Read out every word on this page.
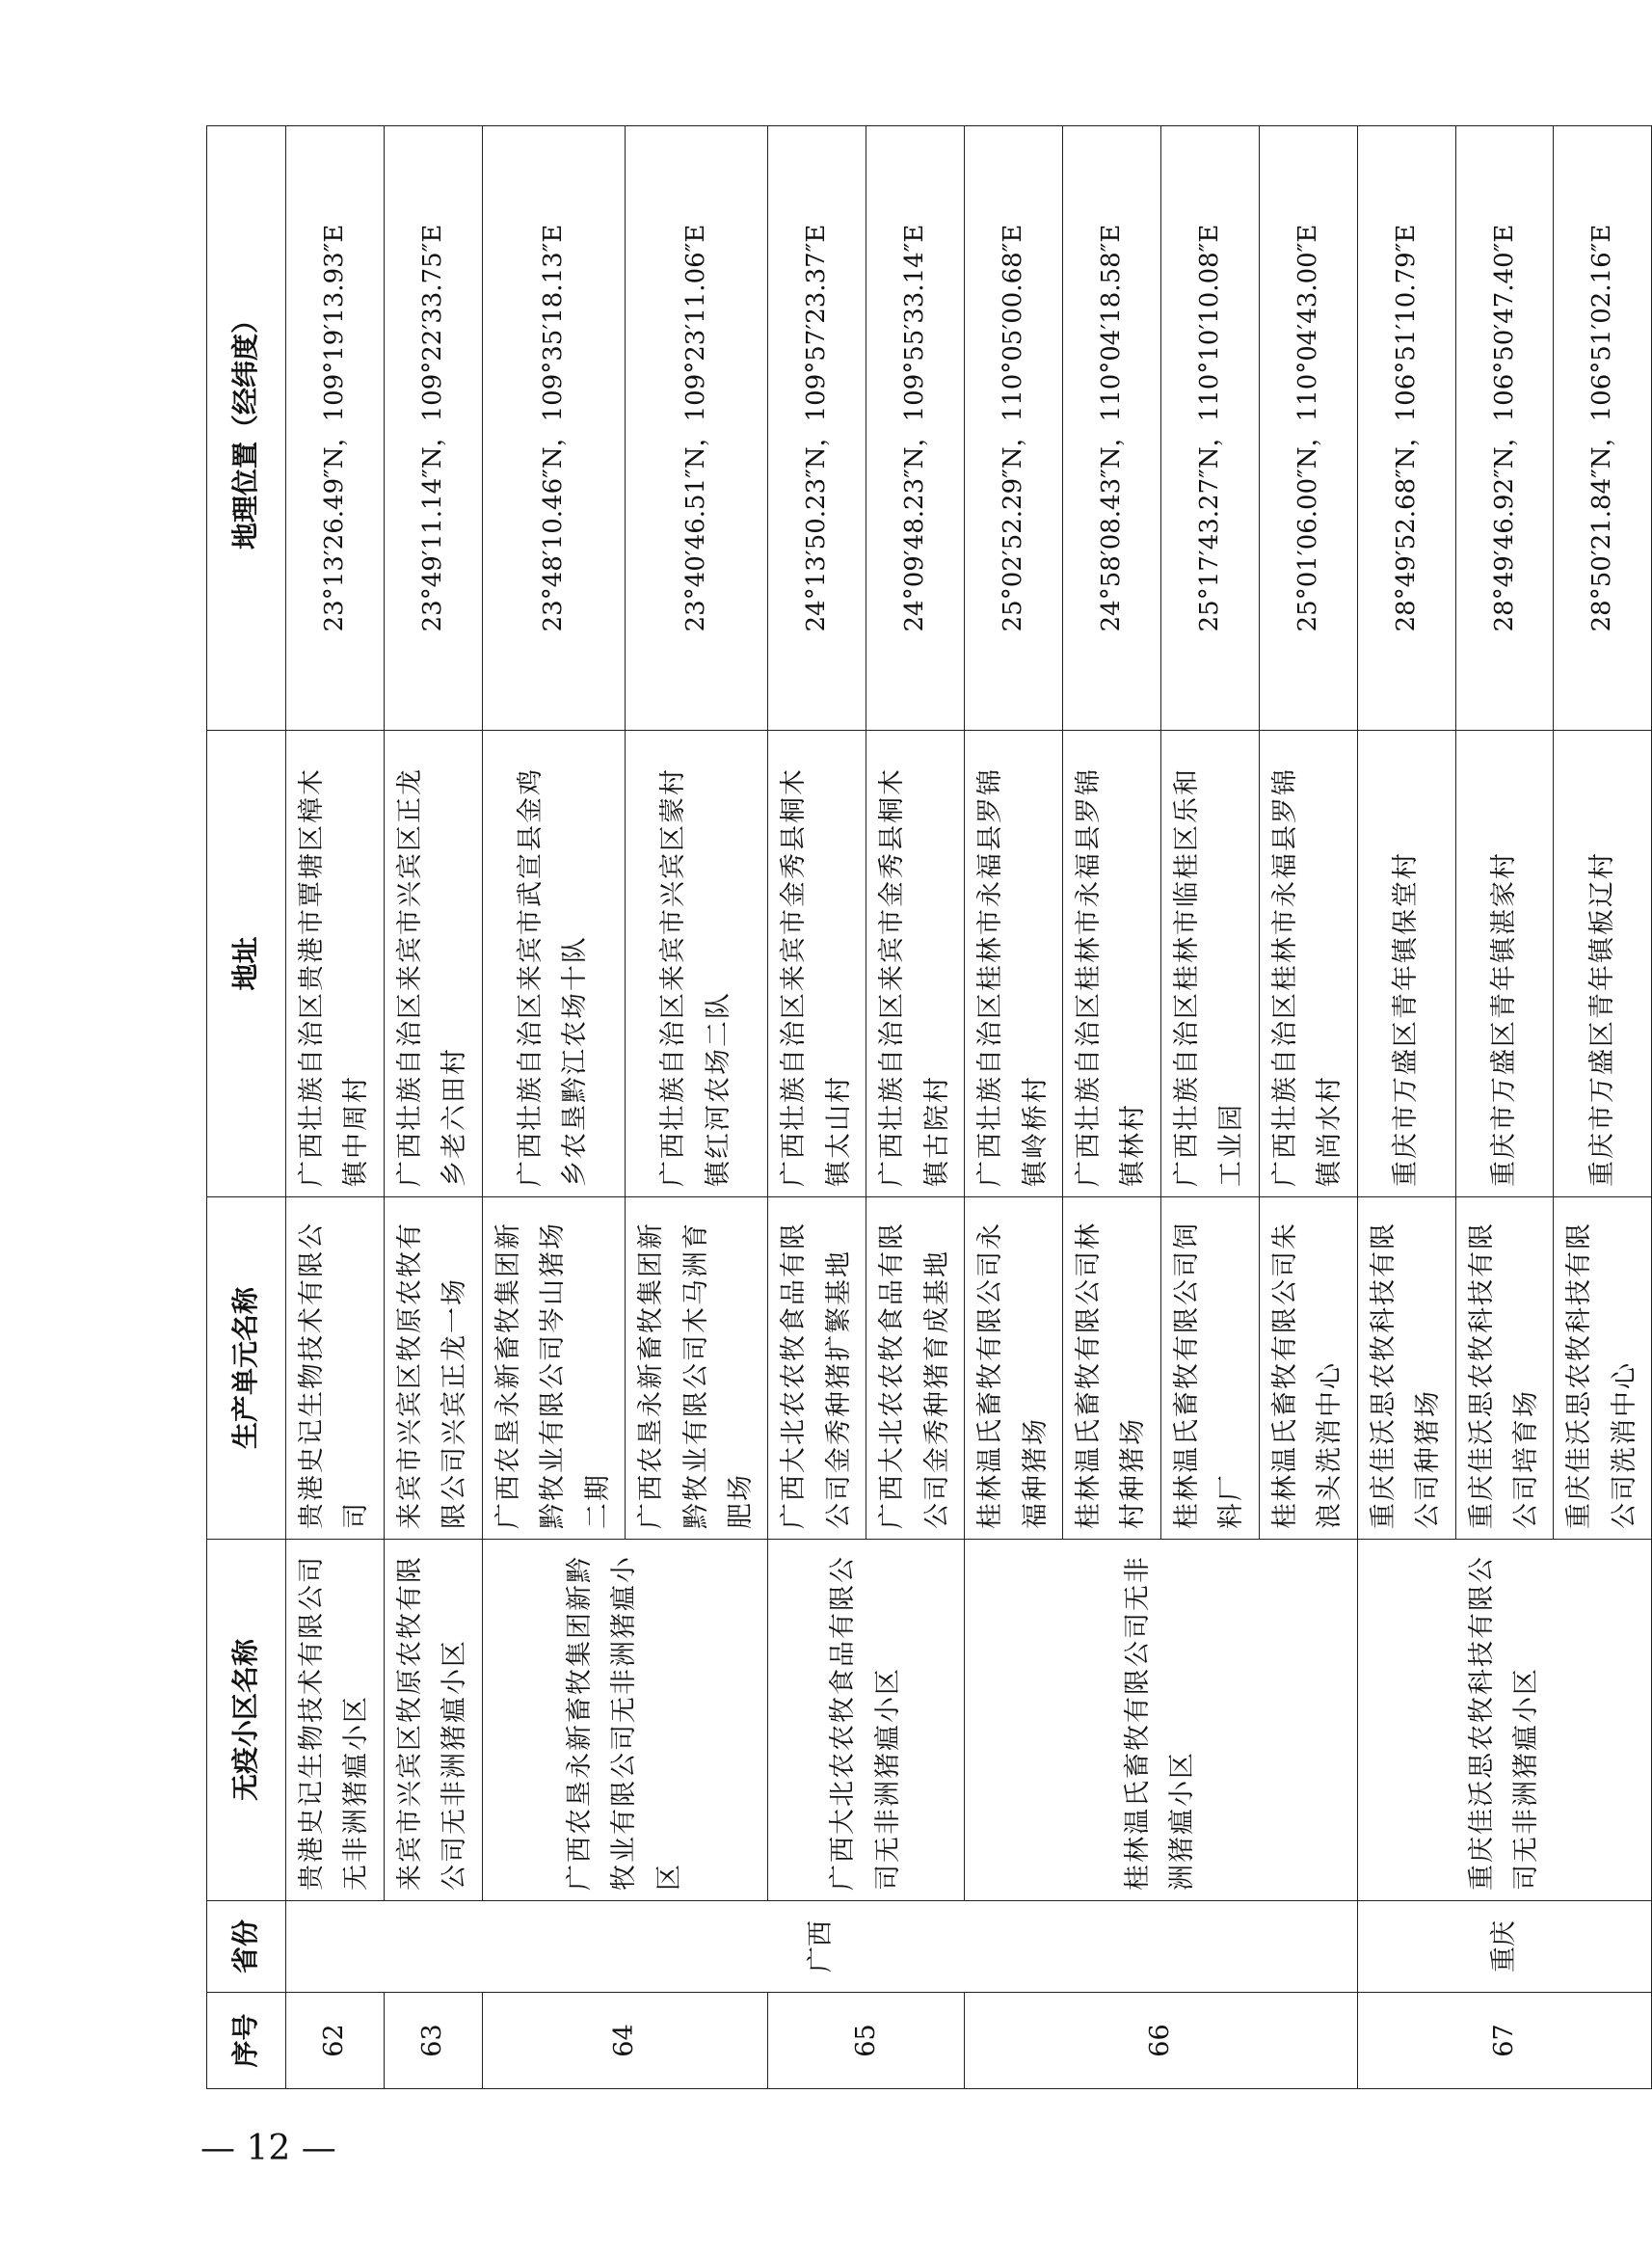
序号	省份	无疫小区名称	生产单元名称	地址	地理位置（经纬度）
62	广西	贵港史记生物技术有限公司无非洲猪瘟小区	贵港史记生物技术有限公司	广西壮族自治区贵港市覃塘区樟木镇中周村	23°13′26.49″N，109°19′13.93″E
63		来宾市兴宾区牧原农牧有限公司无非洲猪瘟小区	来宾市兴宾区牧原农牧有限公司兴宾正龙一场	广西壮族自治区来宾市兴宾区正龙乡老六田村	23°49′11.14″N，109°22′33.75″E
64		广西农垦永新畜牧集团新黔牧业有限公司无非洲猪瘟小区	广西农垦永新畜牧集团新黔牧业有限公司岑山猪场二期	广西壮族自治区来宾市武宣县金鸡乡农垦黔江农场十队	23°48′10.46″N，109°35′18.13″E
			广西农垦永新畜牧集团新黔牧业有限公司木马洲育肥场	广西壮族自治区来宾市兴宾区蒙村镇红河农场二队	23°40′46.51″N，109°23′11.06″E
65		广西大北农农牧食品有限公司无非洲猪瘟小区	广西大北农农牧食品有限公司金秀种猪扩繁基地	广西壮族自治区来宾市金秀县桐木镇太山村	24°13′50.23″N，109°57′23.37″E
			广西大北农农牧食品有限公司金秀种猪育成基地	广西壮族自治区来宾市金秀县桐木镇古院村	24°09′48.23″N，109°55′33.14″E
66		桂林温氏畜牧有限公司无非洲猪瘟小区	桂林温氏畜牧有限公司永福种猪场	广西壮族自治区桂林市永福县罗锦镇岭桥村	25°02′52.29″N，110°05′00.68″E
			桂林温氏畜牧有限公司林村种猪场	广西壮族自治区桂林市永福县罗锦镇林村	24°58′08.43″N，110°04′18.58″E
			桂林温氏畜牧有限公司饲料厂	广西壮族自治区桂林市临桂区乐和工业园	25°17′43.27″N，110°10′10.08″E
			桂林温氏畜牧有限公司朱浪头洗消中心	广西壮族自治区桂林市永福县罗锦镇尚水村	25°01′06.00″N，110°04′43.00″E
67	重庆	重庆佳沃思农牧科技有限公司无非洲猪瘟小区	重庆佳沃思农牧科技有限公司种猪场	重庆市万盛区青年镇保堂村	28°49′52.68″N，106°51′10.79″E
			重庆佳沃思农牧科技有限公司培育场	重庆市万盛区青年镇湛家村	28°49′46.92″N，106°50′47.40″E
			重庆佳沃思农牧科技有限公司洗消中心	重庆市万盛区青年镇板辽村	28°50′21.84″N，106°51′02.16″E
— 12 —
